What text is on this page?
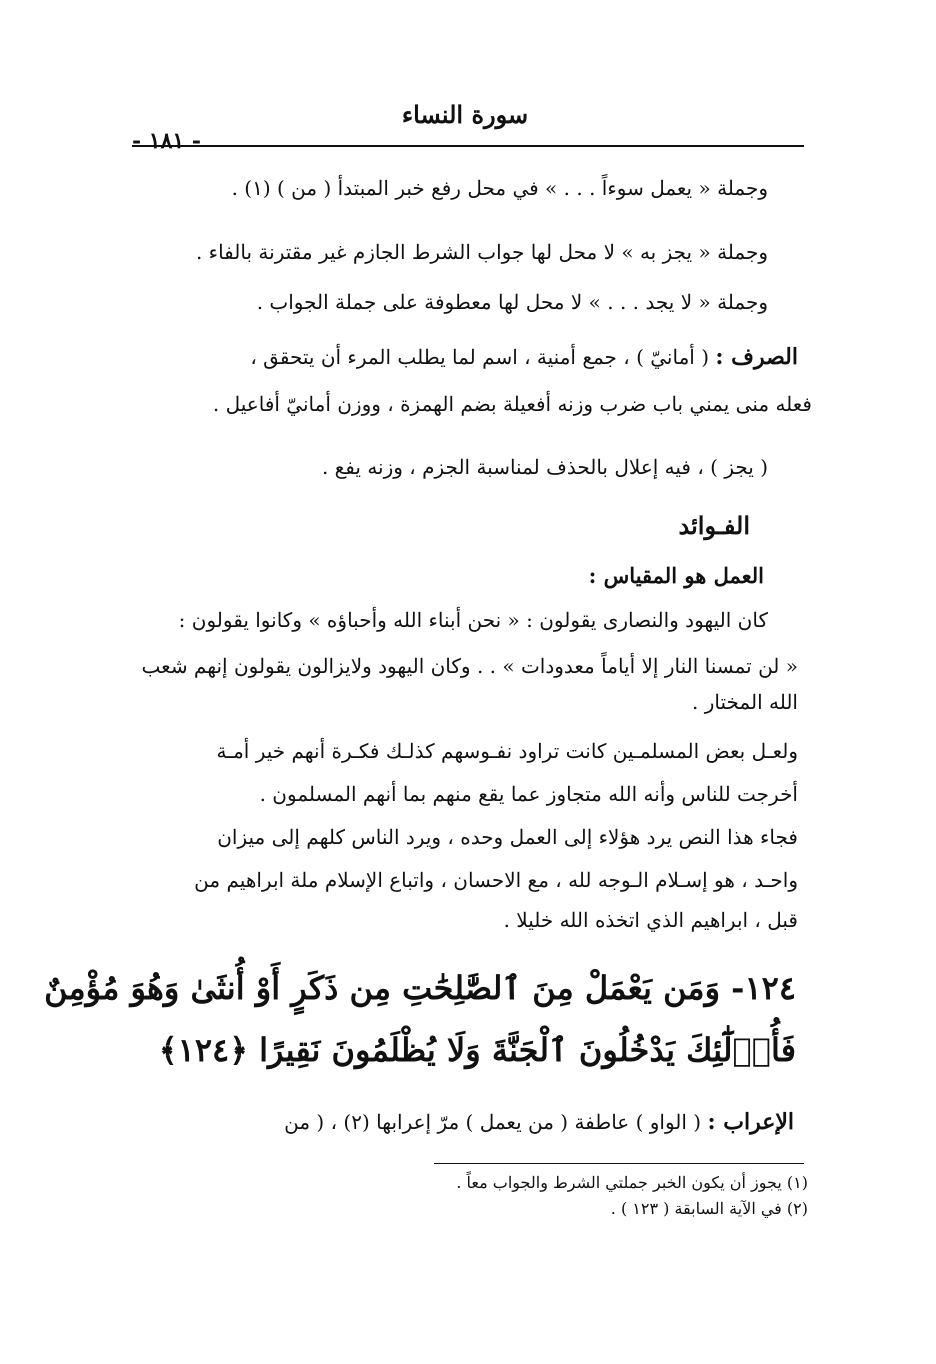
سورة النساء
- ١٨١ -
وجملة « يعمل سوءاً . . . » في محل رفع خبر المبتدأ ( من ) (١) .
وجملة « يجز به » لا محل لها جواب الشرط الجازم غير مقترنة بالفاء .
وجملة « لا يجد . . . » لا محل لها معطوفة على جملة الجواب .
الصرف : ( أمانيّ ) ، جمع أمنية ، اسم لما يطلب المرء أن يتحقق ،
فعله منى يمني باب ضرب وزنه أفعيلة بضم الهمزة ، ووزن أمانيّ أفاعيل .
( يجز ) ، فيه إعلال بالحذف لمناسبة الجزم ، وزنه يفع .
الفـوائد
العمل هو المقياس :
كان اليهود والنصارى يقولون : « نحن أبناء الله وأحباؤه » وكانوا يقولون :
« لن تمسنا النار إلا أياماً معدودات » . . وكان اليهود ولايزالون يقولون إنهم شعب
الله المختار .
ولعـل بعض المسلمـين كانت تراود نفـوسهم كذلـك فكـرة أنهم خير أمـة
أخرجت للناس وأنه الله متجاوز عما يقع منهم بما أنهم المسلمون .
فجاء هذا النص يرد هؤلاء إلى العمل وحده ، ويرد الناس كلهم إلى ميزان
واحـد ، هو إسـلام الـوجه لله ، مع الاحسان ، واتباع الإسلام ملة ابراهيم من
قبل ، ابراهيم الذي اتخذه الله خليلا .
١٢٤- وَمَن يَعْمَلْ مِنَ ٱلصَّٰلِحَٰتِ مِن ذَكَرٍ أَوْ أُنثَىٰ وَهُوَ مُؤْمِنٌ
فَأُو۟لَٰٓئِكَ يَدْخُلُونَ ٱلْجَنَّةَ وَلَا يُظْلَمُونَ نَقِيرًا ﴿١٢٤﴾
الإعراب : ( الواو ) عاطفة ( من يعمل ) مرّ إعرابها (٢) ، ( من
(١) يجوز أن يكون الخبر جملتي الشرط والجواب معاً .
(٢) في الآية السابقة ( ١٢٣ ) .
